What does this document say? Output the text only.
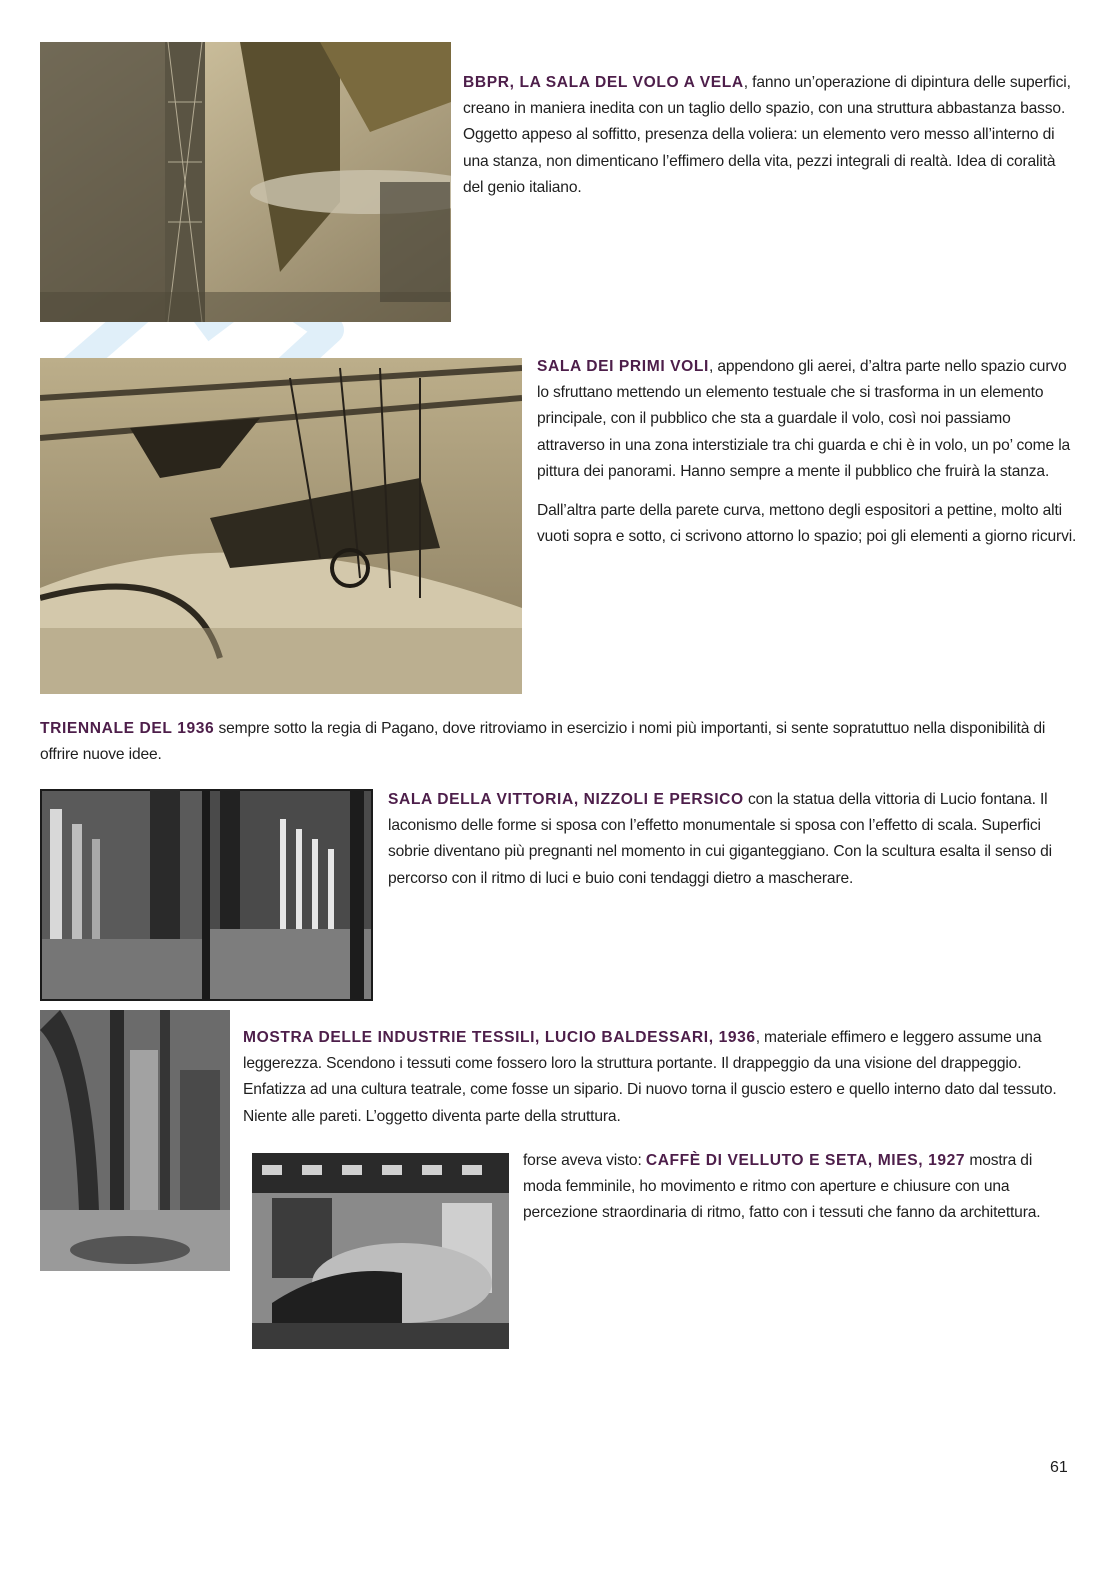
BBPR, LA SALA DEL VOLO A VELA, fanno un’operazione di dipintura delle superfici, creano in maniera inedita con un taglio dello spazio, con una struttura abbastanza basso. Oggetto appeso al soffitto, presenza della voliera: un elemento vero messo all’interno di una stanza, non dimenticano l’effimero della vita, pezzi integrali di realtà. Idea di coralità del genio italiano.

SALA DEI PRIMI VOLI, appendono gli aerei, d’altra parte nello spazio curvo lo sfruttano mettendo un elemento testuale che si trasforma in un elemento principale, con il pubblico che sta a guardale il volo, così noi passiamo attraverso in una zona interstiziale tra chi guarda e chi è in volo, un po’ come la pittura dei panorami. Hanno sempre a mente il pubblico che fruirà la stanza.

Dall’altra parte della parete curva, mettono degli espositori a pettine, molto alti vuoti sopra e sotto, ci scrivono attorno lo spazio; poi gli elementi a giorno ricurvi.

TRIENNALE DEL 1936 sempre sotto la regia di Pagano, dove ritroviamo in esercizio i nomi più importanti, si sente sopratuttuo nella disponibilità di offrire nuove idee.

SALA DELLA VITTORIA, NIZZOLI E PERSICO con la statua della vittoria di Lucio fontana. Il laconismo delle forme si sposa con l’effetto monumentale si sposa con l’effetto di scala. Superfici sobrie diventano più pregnanti nel momento in cui giganteggiano. Con la scultura esalta il senso di percorso con il ritmo di luci e buio coni tendaggi dietro a mascherare.

MOSTRA DELLE INDUSTRIE TESSILI, LUCIO BALDESSARI, 1936, materiale effimero e leggero assume una leggerezza. Scendono i tessuti come fossero loro la struttura portante. Il drappeggio da una visione del drappeggio. Enfatizza ad una cultura teatrale, come fosse un sipario. Di nuovo torna il guscio estero e quello interno dato dal tessuto. Niente alle pareti. L’oggetto diventa parte della struttura.

forse aveva visto: CAFFÈ DI VELLUTO E SETA, MIES, 1927 mostra di moda femminile, ho movimento e ritmo con aperture e chiusure con una percezione straordinaria di ritmo, fatto con i tessuti che fanno da architettura.

61
